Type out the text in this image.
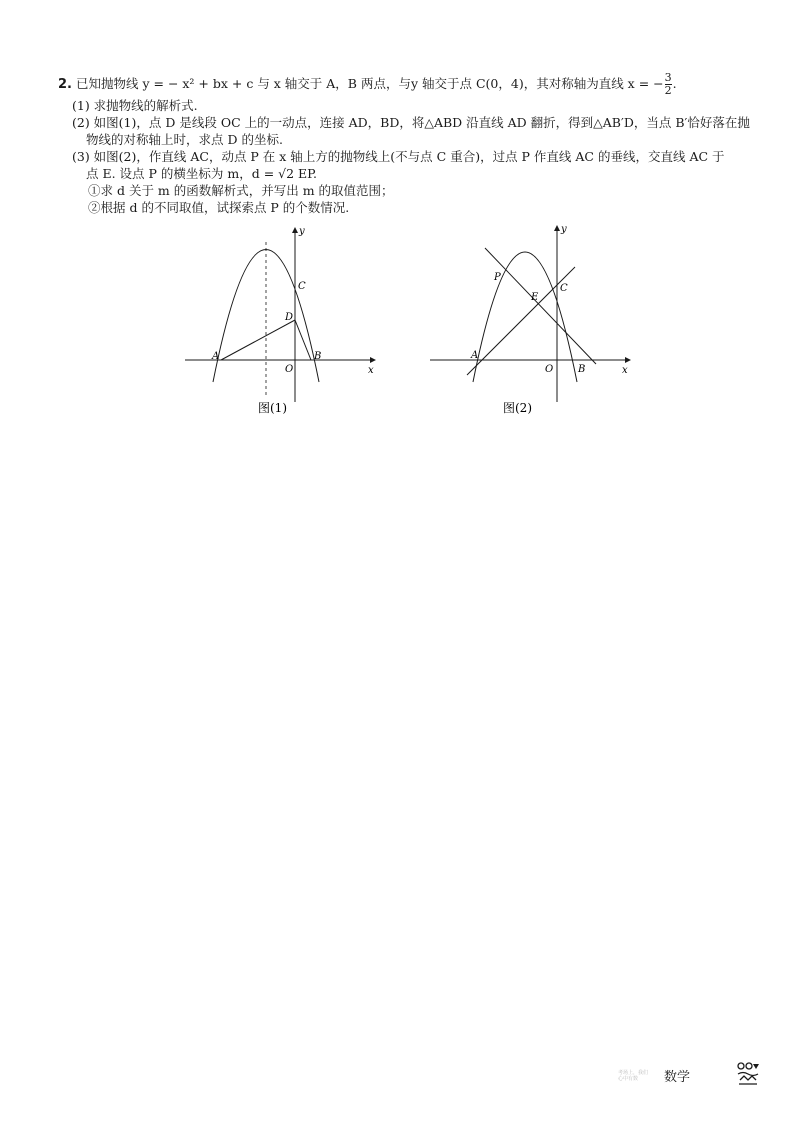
2. 已知抛物线 y = − x² + bx + c 与 x 轴交于 A，B 两点，与y 轴交于点 C(0，4)，其对称轴为直线 x = − $\frac{3}{2}$ .
(1) 求抛物线的解析式.
(2) 如图(1)，点 D 是线段 OC 上的一动点，连接 AD，BD，将△ABD 沿直线 AD 翻折，得到△AB′D，当点 B′恰好落在抛
物线的对称轴上时，求点 D 的坐标.
(3) 如图(2)，作直线 AC，动点 P 在 x 轴上方的抛物线上(不与点 C 重合)，过点 P 作直线 AC 的垂线，交直线 AC 于
点 E. 设点 P 的横坐标为 m，d = √2 EP.
①求 d 关于 m 的函数解析式，并写出 m 的取值范围；
②根据 d 的不同取值，试探索点 P 的个数情况.
A	B
C
D
O	x
y
图(1)
A
B
C
E
P
O	x
y
图(2)
考场上，我们
心中有数	数学
